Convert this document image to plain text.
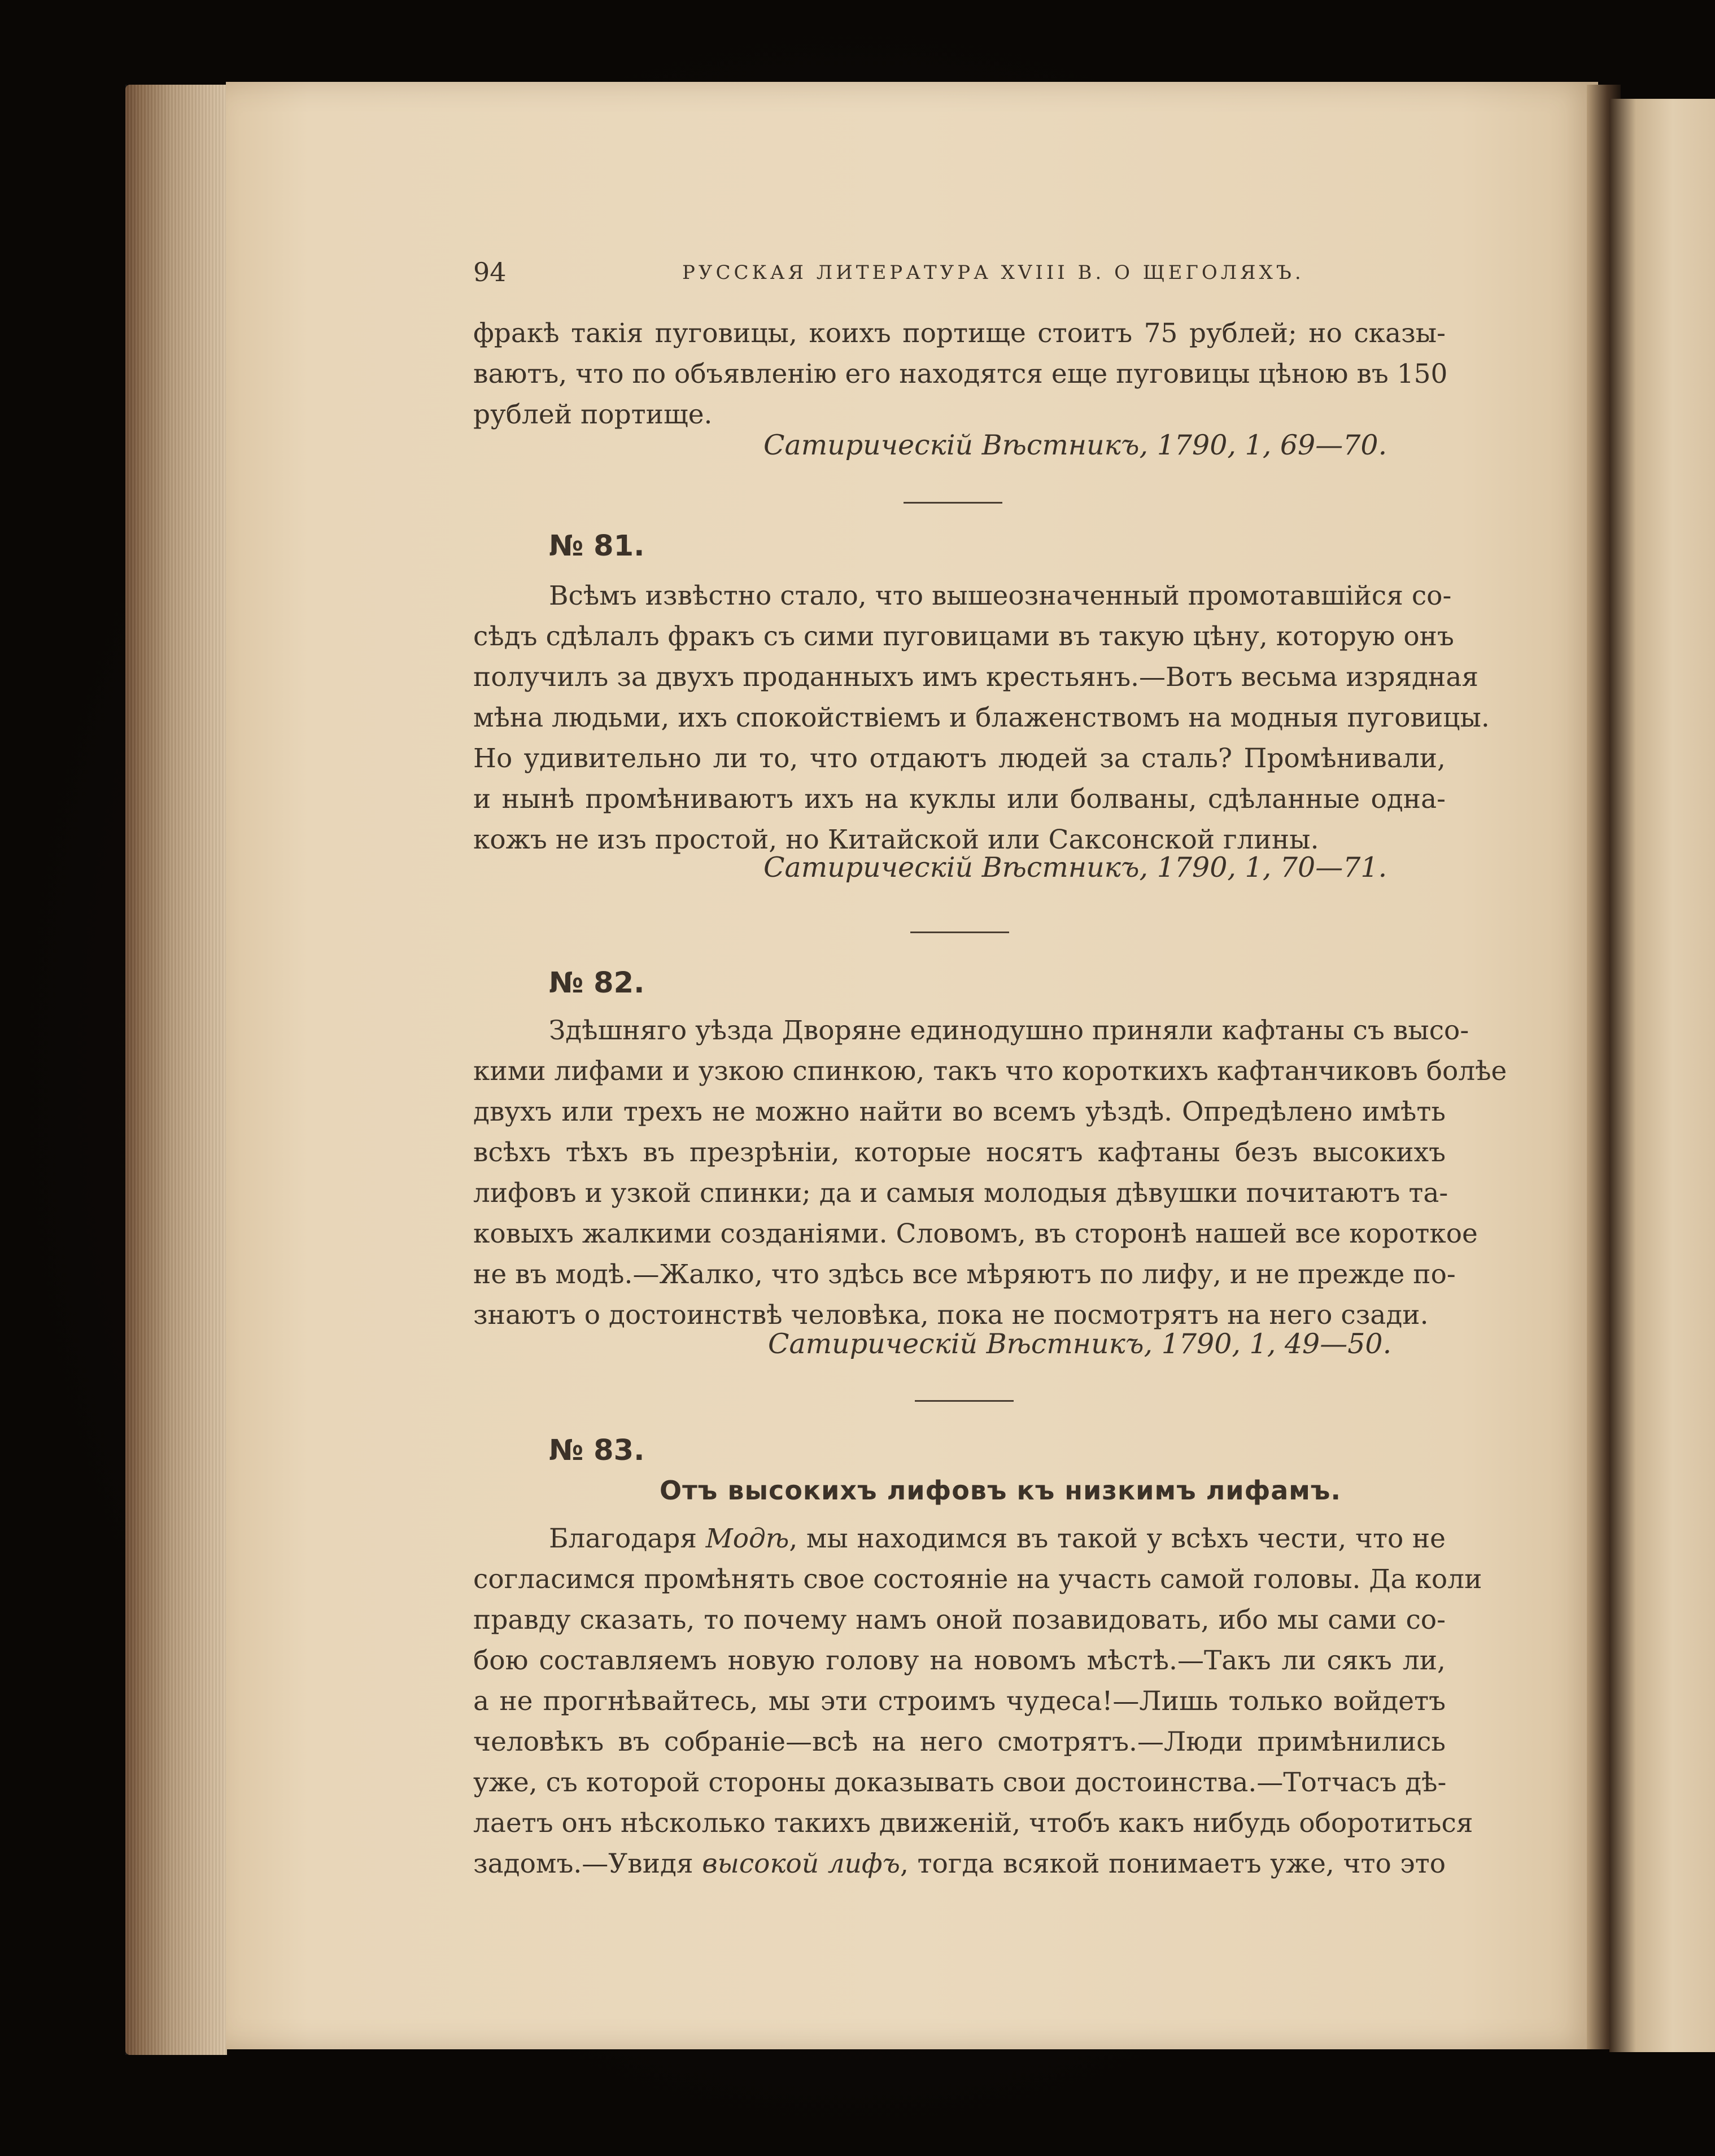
94	РУССКАЯ ЛИТЕРАТУРА XVIII В. О ЩЕГОЛЯХЪ.

фракѣ такія пуговицы, коихъ портище стоитъ 75 рублей; но сказы-
ваютъ, что по объявленію его находятся еще пуговицы цѣною въ 150
рублей портище.

Сатирическій Вѣстникъ, 1790, 1, 69—70.
№ 81.

Всѣмъ извѣстно стало, что вышеозначенный промотавшійся со-
сѣдъ сдѣлалъ фракъ съ сими пуговицами въ такую цѣну, которую онъ
получилъ за двухъ проданныхъ имъ крестьянъ.—Вотъ весьма изрядная
мѣна людьми, ихъ спокойствіемъ и блаженствомъ на модныя пуговицы.
Но удивительно ли то, что отдаютъ людей за сталь? Промѣнивали,
и нынѣ промѣниваютъ ихъ на куклы или болваны, сдѣланные одна-
кожъ не изъ простой, но Китайской или Саксонской глины.

Сатирическій Вѣстникъ, 1790, 1, 70—71.
№ 82.

Здѣшняго уѣзда Дворяне единодушно приняли кафтаны съ высо-
кими лифами и узкою спинкою, такъ что короткихъ кафтанчиковъ болѣе
двухъ или трехъ не можно найти во всемъ уѣздѣ. Опредѣлено имѣть
всѣхъ тѣхъ въ презрѣніи, которые носятъ кафтаны безъ высокихъ
лифовъ и узкой спинки; да и самыя молодыя дѣвушки почитаютъ та-
ковыхъ жалкими созданіями. Словомъ, въ сторонѣ нашей все короткое
не въ модѣ.—Жалко, что здѣсь все мѣряютъ по лифу, и не прежде по-
знаютъ о достоинствѣ человѣка, пока не посмотрятъ на него сзади.

Сатирическій Вѣстникъ, 1790, 1, 49—50.
№ 83.
Отъ высокихъ лифовъ къ низкимъ лифамъ.

Благодаря Модѣ, мы находимся въ такой у всѣхъ чести, что не
согласимся промѣнять свое состояніе на участь самой головы. Да коли
правду сказать, то почему намъ оной позавидовать, ибо мы сами со-
бою составляемъ новую голову на новомъ мѣстѣ.—Такъ ли сякъ ли,
а не прогнѣвайтесь, мы эти строимъ чудеса!—Лишь только войдетъ
человѣкъ въ собраніе—всѣ на него смотрятъ.—Люди примѣнились
уже, съ которой стороны доказывать свои достоинства.—Тотчасъ дѣ-
лаетъ онъ нѣсколько такихъ движеній, чтобъ какъ нибудь оборотиться
задомъ.—Увидя высокой лифъ, тогда всякой понимаетъ уже, что это
